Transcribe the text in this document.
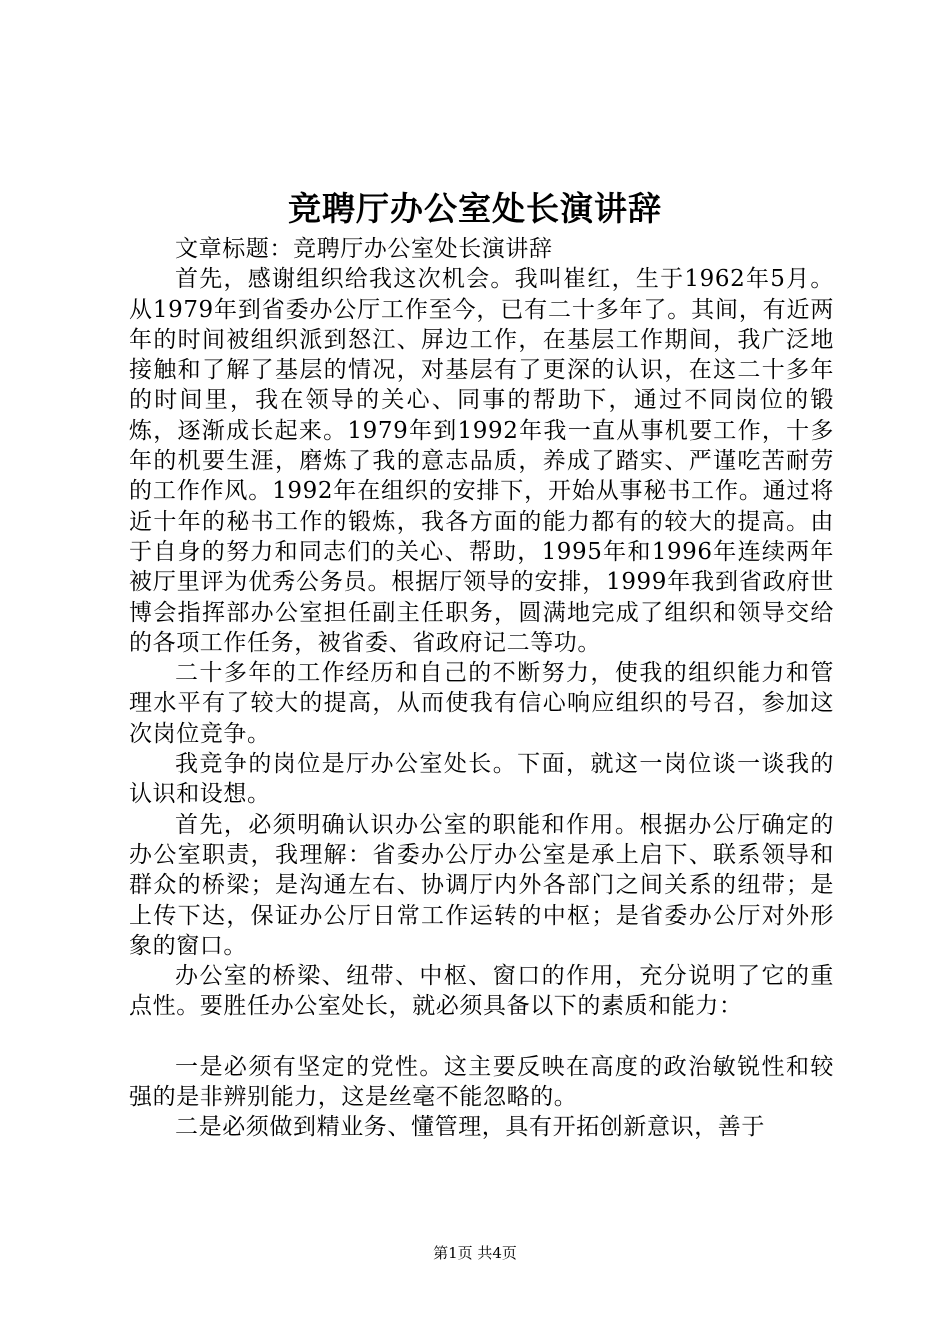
竞聘厅办公室处长演讲辞

文章标题：竞聘厅办公室处长演讲辞

首先，感谢组织给我这次机会。我叫崔红，生于1962年5月。从1979年到省委办公厅工作至今，已有二十多年了。其间，有近两年的时间被组织派到怒江、屏边工作，在基层工作期间，我广泛地接触和了解了基层的情况，对基层有了更深的认识，在这二十多年的时间里，我在领导的关心、同事的帮助下，通过不同岗位的锻炼，逐渐成长起来。1979年到1992年我一直从事机要工作，十多年的机要生涯，磨炼了我的意志品质，养成了踏实、严谨吃苦耐劳的工作作风。1992年在组织的安排下，开始从事秘书工作。通过将近十年的秘书工作的锻炼，我各方面的能力都有的较大的提高。由于自身的努力和同志们的关心、帮助，1995年和1996年连续两年被厅里评为优秀公务员。根据厅领导的安排，1999年我到省政府世博会指挥部办公室担任副主任职务，圆满地完成了组织和领导交给的各项工作任务，被省委、省政府记二等功。

二十多年的工作经历和自己的不断努力，使我的组织能力和管理水平有了较大的提高，从而使我有信心响应组织的号召，参加这次岗位竞争。

我竞争的岗位是厅办公室处长。下面，就这一岗位谈一谈我的认识和设想。

首先，必须明确认识办公室的职能和作用。根据办公厅确定的办公室职责，我理解：省委办公厅办公室是承上启下、联系领导和群众的桥梁；是沟通左右、协调厅内外各部门之间关系的纽带；是上传下达，保证办公厅日常工作运转的中枢；是省委办公厅对外形象的窗口。

办公室的桥梁、纽带、中枢、窗口的作用，充分说明了它的重点性。要胜任办公室处长，就必须具备以下的素质和能力：

一是必须有坚定的党性。这主要反映在高度的政治敏锐性和较强的是非辨别能力，这是丝毫不能忽略的。

二是必须做到精业务、懂管理，具有开拓创新意识，善于

第1页 共4页
